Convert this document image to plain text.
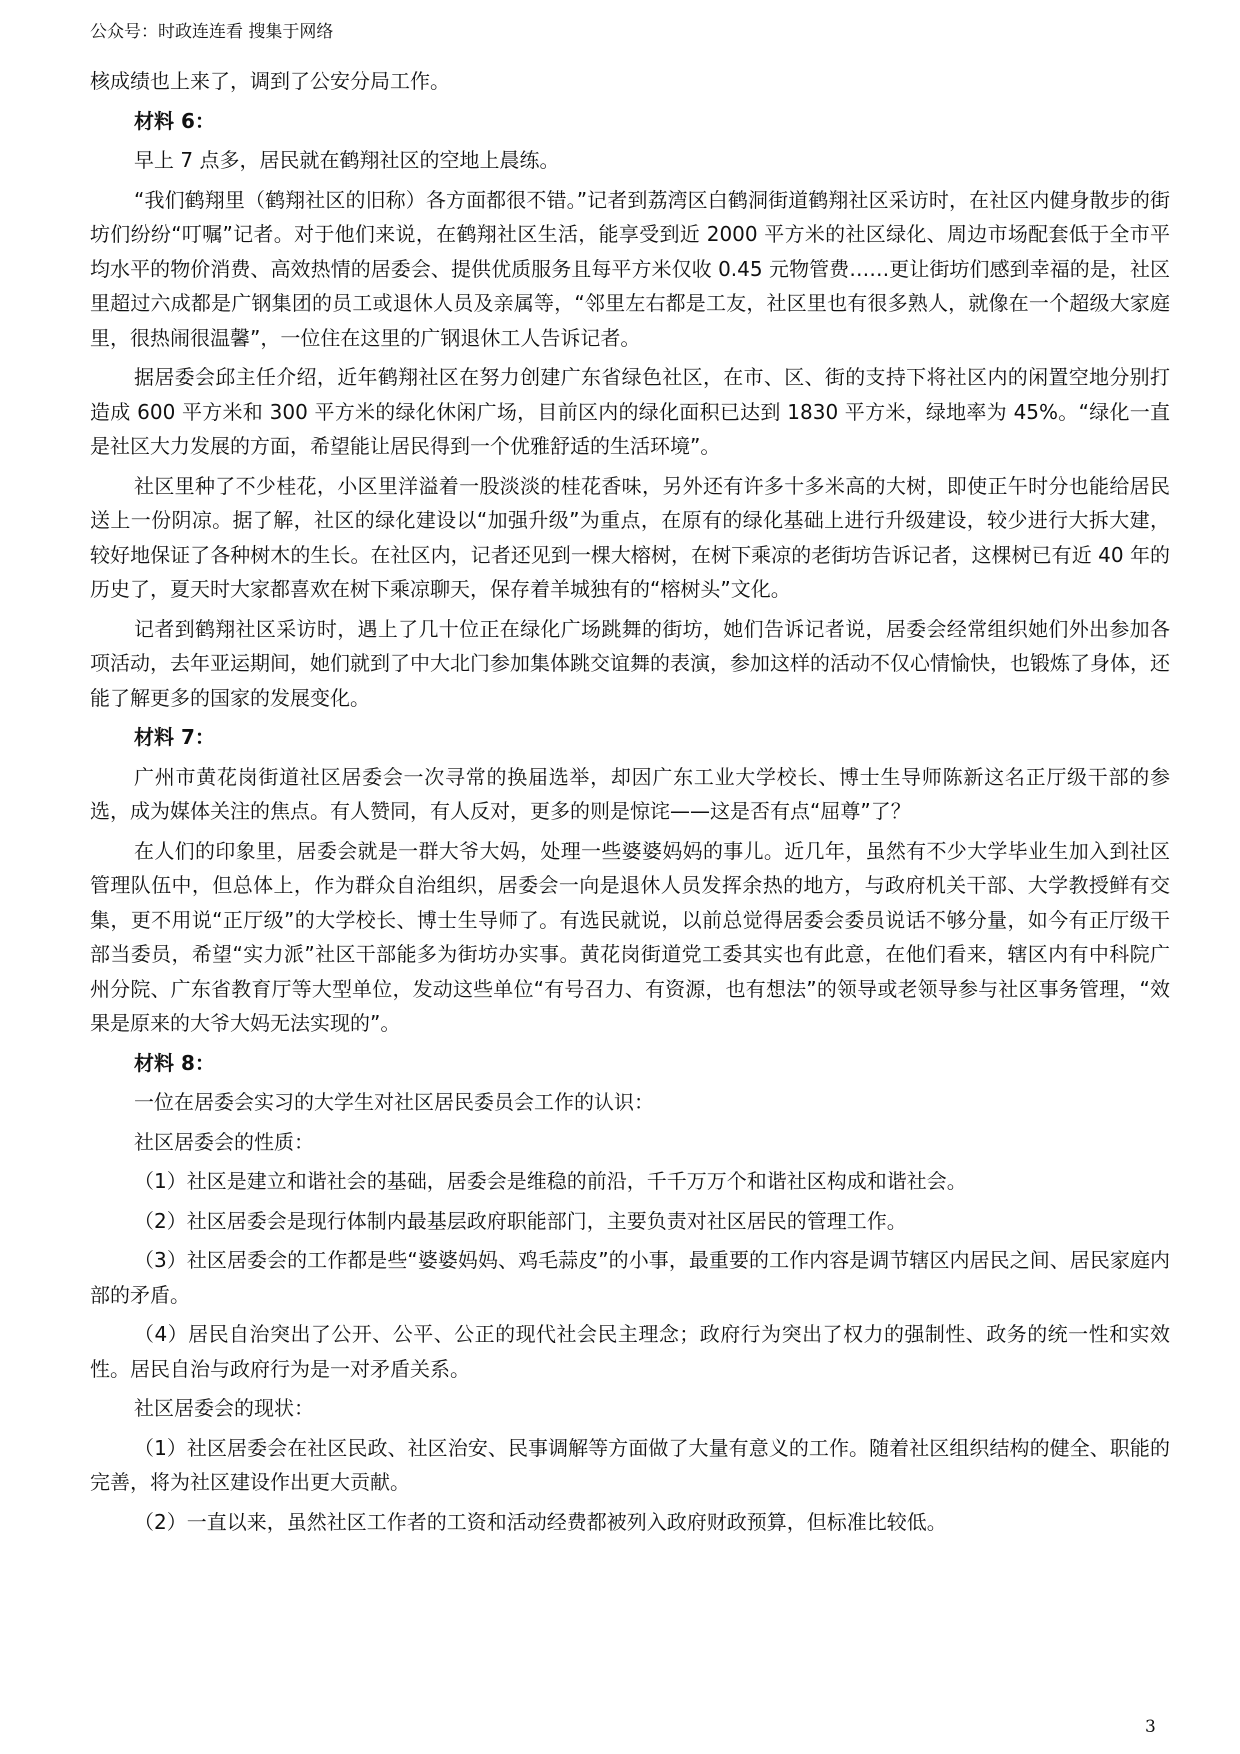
公众号：时政连连看 搜集于网络

核成绩也上来了，调到了公安分局工作。

材料 6：

早上 7 点多，居民就在鹤翔社区的空地上晨练。

“我们鹤翔里（鹤翔社区的旧称）各方面都很不错。”记者到荔湾区白鹤洞街道鹤翔社区采访时，在社区内健身散步的街坊们纷纷“叮嘱”记者。对于他们来说，在鹤翔社区生活，能享受到近 2000 平方米的社区绿化、周边市场配套低于全市平均水平的物价消费、高效热情的居委会、提供优质服务且每平方米仅收 0.45 元物管费……更让街坊们感到幸福的是，社区里超过六成都是广钢集团的员工或退休人员及亲属等，“邻里左右都是工友，社区里也有很多熟人，就像在一个超级大家庭里，很热闹很温馨”，一位住在这里的广钢退休工人告诉记者。

据居委会邱主任介绍，近年鹤翔社区在努力创建广东省绿色社区，在市、区、街的支持下将社区内的闲置空地分别打造成 600 平方米和 300 平方米的绿化休闲广场，目前区内的绿化面积已达到 1830 平方米，绿地率为 45%。“绿化一直是社区大力发展的方面，希望能让居民得到一个优雅舒适的生活环境”。

社区里种了不少桂花，小区里洋溢着一股淡淡的桂花香味，另外还有许多十多米高的大树，即使正午时分也能给居民送上一份阴凉。据了解，社区的绿化建设以“加强升级”为重点，在原有的绿化基础上进行升级建设，较少进行大拆大建，较好地保证了各种树木的生长。在社区内，记者还见到一棵大榕树，在树下乘凉的老街坊告诉记者，这棵树已有近 40 年的历史了，夏天时大家都喜欢在树下乘凉聊天，保存着羊城独有的“榕树头”文化。

记者到鹤翔社区采访时，遇上了几十位正在绿化广场跳舞的街坊，她们告诉记者说，居委会经常组织她们外出参加各项活动，去年亚运期间，她们就到了中大北门参加集体跳交谊舞的表演，参加这样的活动不仅心情愉快，也锻炼了身体，还能了解更多的国家的发展变化。

材料 7：

广州市黄花岗街道社区居委会一次寻常的换届选举，却因广东工业大学校长、博士生导师陈新这名正厅级干部的参选，成为媒体关注的焦点。有人赞同，有人反对，更多的则是惊诧——这是否有点“屈尊”了？

在人们的印象里，居委会就是一群大爷大妈，处理一些婆婆妈妈的事儿。近几年，虽然有不少大学毕业生加入到社区管理队伍中，但总体上，作为群众自治组织，居委会一向是退休人员发挥余热的地方，与政府机关干部、大学教授鲜有交集，更不用说“正厅级”的大学校长、博士生导师了。有选民就说，以前总觉得居委会委员说话不够分量，如今有正厅级干部当委员，希望“实力派”社区干部能多为街坊办实事。黄花岗街道党工委其实也有此意，在他们看来，辖区内有中科院广州分院、广东省教育厅等大型单位，发动这些单位“有号召力、有资源，也有想法”的领导或老领导参与社区事务管理，“效果是原来的大爷大妈无法实现的”。

材料 8：

一位在居委会实习的大学生对社区居民委员会工作的认识：

社区居委会的性质：

（1）社区是建立和谐社会的基础，居委会是维稳的前沿，千千万万个和谐社区构成和谐社会。

（2）社区居委会是现行体制内最基层政府职能部门，主要负责对社区居民的管理工作。

（3）社区居委会的工作都是些“婆婆妈妈、鸡毛蒜皮”的小事，最重要的工作内容是调节辖区内居民之间、居民家庭内部的矛盾。

（4）居民自治突出了公开、公平、公正的现代社会民主理念；政府行为突出了权力的强制性、政务的统一性和实效性。居民自治与政府行为是一对矛盾关系。

社区居委会的现状：

（1）社区居委会在社区民政、社区治安、民事调解等方面做了大量有意义的工作。随着社区组织结构的健全、职能的完善，将为社区建设作出更大贡献。

（2）一直以来，虽然社区工作者的工资和活动经费都被列入政府财政预算，但标准比较低。

3
